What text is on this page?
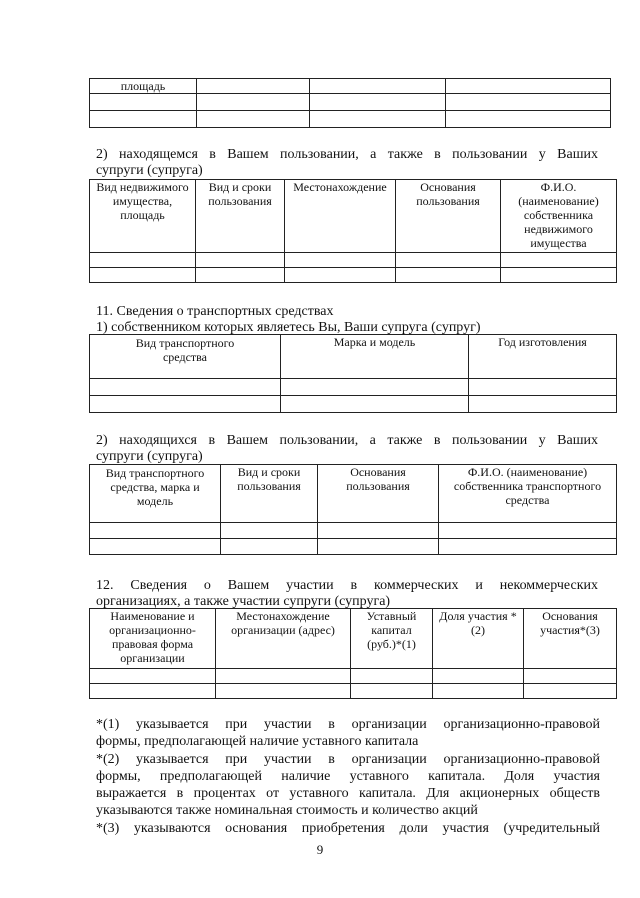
площадь			

2) находящемся в Вашем пользовании, а также в пользовании у Ваших
супруги (супруга)
Вид недвижимого имущества, площадь	Вид и сроки пользования	Местонахождение	Основания пользования	Ф.И.О. (наименование) собственника недвижимого имущества

11. Сведения о транспортных средствах
1) собственником которых являетесь Вы, Ваши супруга (супруг)
Вид транспортного средства	Марка и модель	Год изготовления

2) находящихся в Вашем пользовании, а также в пользовании у Ваших
супруги (супруга)
Вид транспортного средства, марка и модель	Вид и сроки пользования	Основания пользования	Ф.И.О. (наименование) собственника транспортного средства

12. Сведения о Вашем участии в коммерческих и некоммерческих
организациях, а также участии супруги (супруга)
Наименование и организационно-правовая форма организации	Местонахождение организации (адрес)	Уставный капитал (руб.)*(1)	Доля участия *(2)	Основания участия*(3)

*(1) указывается при участии в организации организационно-правовой
формы, предполагающей наличие уставного капитала
*(2) указывается при участии в организации организационно-правовой
формы, предполагающей наличие уставного капитала. Доля участия
выражается в процентах от уставного капитала. Для акционерных обществ
указываются также номинальная стоимость и количество акций
*(3) указываются основания приобретения доли участия (учредительный
9
